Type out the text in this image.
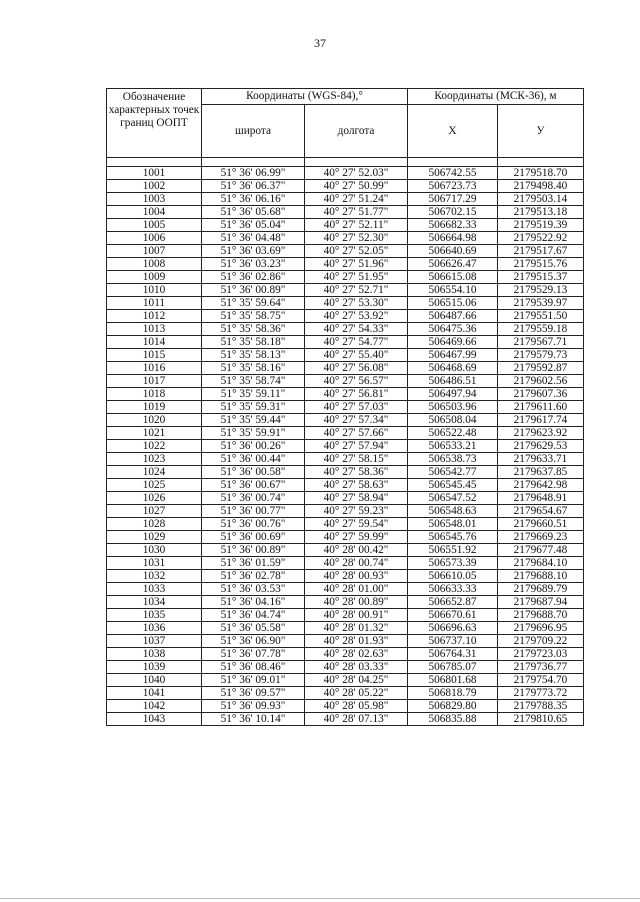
37
Обозначение характерных точек границ ООПТ	Координаты (WGS-84),°		Координаты (МСК-36), м	
	широта	долгота	X	У

1001	51° 36' 06.99"	40° 27' 52.03"	506742.55	2179518.70
1002	51° 36' 06.37"	40° 27' 50.99"	506723.73	2179498.40
1003	51° 36' 06.16"	40° 27' 51.24"	506717.29	2179503.14
1004	51° 36' 05.68"	40° 27' 51.77"	506702.15	2179513.18
1005	51° 36' 05.04"	40° 27' 52.11"	506682.33	2179519.39
1006	51° 36' 04.48"	40° 27' 52.30"	506664.98	2179522.92
1007	51° 36' 03.69"	40° 27' 52.05"	506640.69	2179517.67
1008	51° 36' 03.23"	40° 27' 51.96"	506626.47	2179515.76
1009	51° 36' 02.86"	40° 27' 51.95"	506615.08	2179515.37
1010	51° 36' 00.89"	40° 27' 52.71"	506554.10	2179529.13
1011	51° 35' 59.64"	40° 27' 53.30"	506515.06	2179539.97
1012	51° 35' 58.75"	40° 27' 53.92"	506487.66	2179551.50
1013	51° 35' 58.36"	40° 27' 54.33"	506475.36	2179559.18
1014	51° 35' 58.18"	40° 27' 54.77"	506469.66	2179567.71
1015	51° 35' 58.13"	40° 27' 55.40"	506467.99	2179579.73
1016	51° 35' 58.16"	40° 27' 56.08"	506468.69	2179592.87
1017	51° 35' 58.74"	40° 27' 56.57"	506486.51	2179602.56
1018	51° 35' 59.11"	40° 27' 56.81"	506497.94	2179607.36
1019	51° 35' 59.31"	40° 27' 57.03"	506503.96	2179611.60
1020	51° 35' 59.44"	40° 27' 57.34"	506508.04	2179617.74
1021	51° 35' 59.91"	40° 27' 57.66"	506522.48	2179623.92
1022	51° 36' 00.26"	40° 27' 57.94"	506533.21	2179629.53
1023	51° 36' 00.44"	40° 27' 58.15"	506538.73	2179633.71
1024	51° 36' 00.58"	40° 27' 58.36"	506542.77	2179637.85
1025	51° 36' 00.67"	40° 27' 58.63"	506545.45	2179642.98
1026	51° 36' 00.74"	40° 27' 58.94"	506547.52	2179648.91
1027	51° 36' 00.77"	40° 27' 59.23"	506548.63	2179654.67
1028	51° 36' 00.76"	40° 27' 59.54"	506548.01	2179660.51
1029	51° 36' 00.69"	40° 27' 59.99"	506545.76	2179669.23
1030	51° 36' 00.89"	40° 28' 00.42"	506551.92	2179677.48
1031	51° 36' 01.59"	40° 28' 00.74"	506573.39	2179684.10
1032	51° 36' 02.78"	40° 28' 00.93"	506610.05	2179688.10
1033	51° 36' 03.53"	40° 28' 01.00"	506633.33	2179689.79
1034	51° 36' 04.16"	40° 28' 00.89"	506652.87	2179687.94
1035	51° 36' 04.74"	40° 28' 00.91"	506670.61	2179688.70
1036	51° 36' 05.58"	40° 28' 01.32"	506696.63	2179696.95
1037	51° 36' 06.90"	40° 28' 01.93"	506737.10	2179709.22
1038	51° 36' 07.78"	40° 28' 02.63"	506764.31	2179723.03
1039	51° 36' 08.46"	40° 28' 03.33"	506785.07	2179736.77
1040	51° 36' 09.01"	40° 28' 04.25"	506801.68	2179754.70
1041	51° 36' 09.57"	40° 28' 05.22"	506818.79	2179773.72
1042	51° 36' 09.93"	40° 28' 05.98"	506829.80	2179788.35
1043	51° 36' 10.14"	40° 28' 07.13"	506835.88	2179810.65
